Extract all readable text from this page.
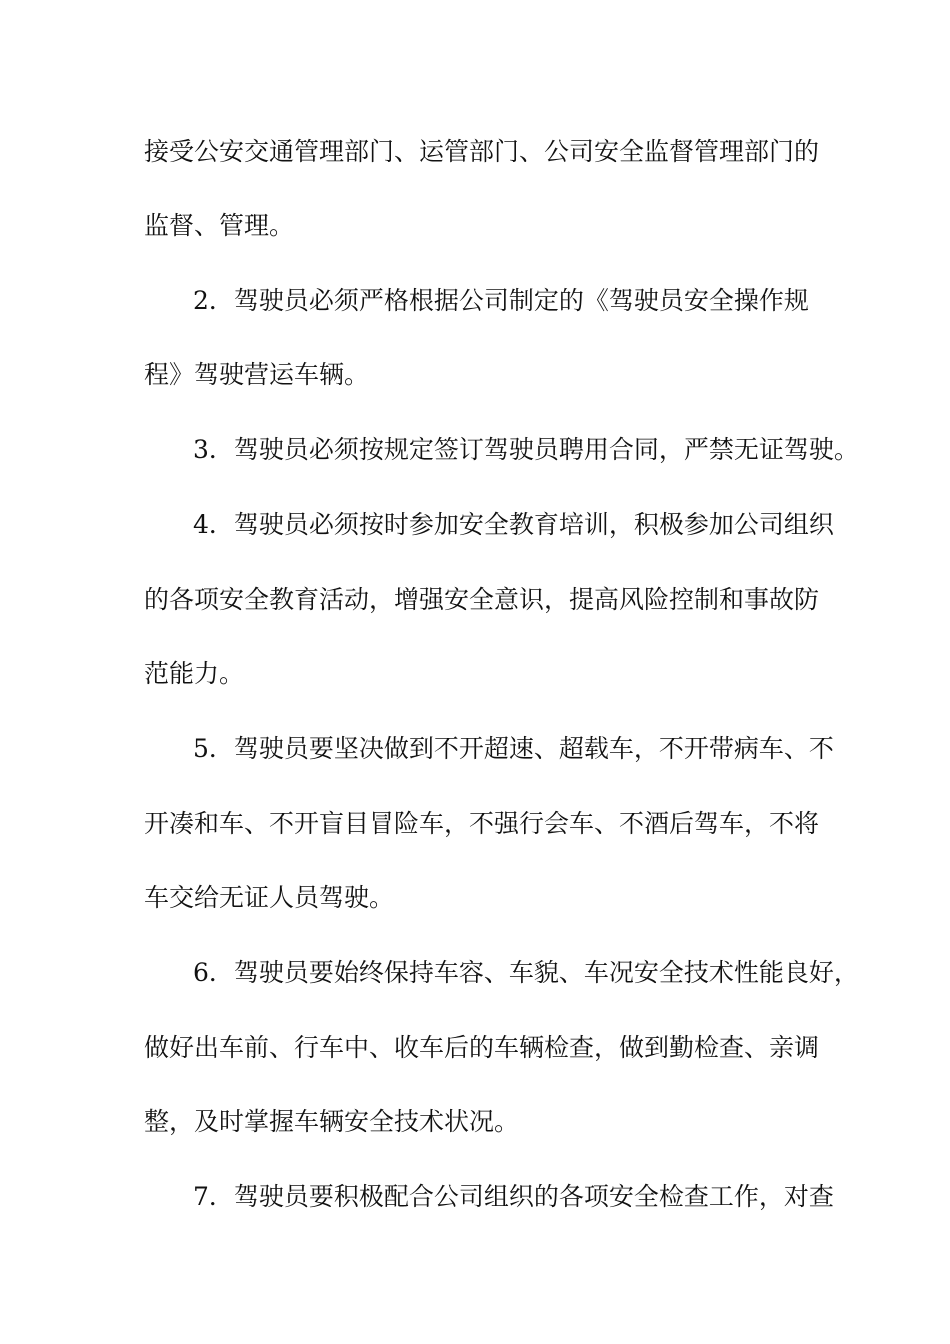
接受公安交通管理部门、运管部门、公司安全监督管理部门的
监督、管理。
2．驾驶员必须严格根据公司制定的《驾驶员安全操作规
程》驾驶营运车辆。
3．驾驶员必须按规定签订驾驶员聘用合同，严禁无证驾驶。
4．驾驶员必须按时参加安全教育培训，积极参加公司组织
的各项安全教育活动，增强安全意识，提高风险控制和事故防
范能力。
5．驾驶员要坚决做到不开超速、超载车，不开带病车、不
开凑和车、不开盲目冒险车，不强行会车、不酒后驾车，不将
车交给无证人员驾驶。
6．驾驶员要始终保持车容、车貌、车况安全技术性能良好，
做好出车前、行车中、收车后的车辆检查，做到勤检查、亲调
整，及时掌握车辆安全技术状况。
7．驾驶员要积极配合公司组织的各项安全检查工作，对查
